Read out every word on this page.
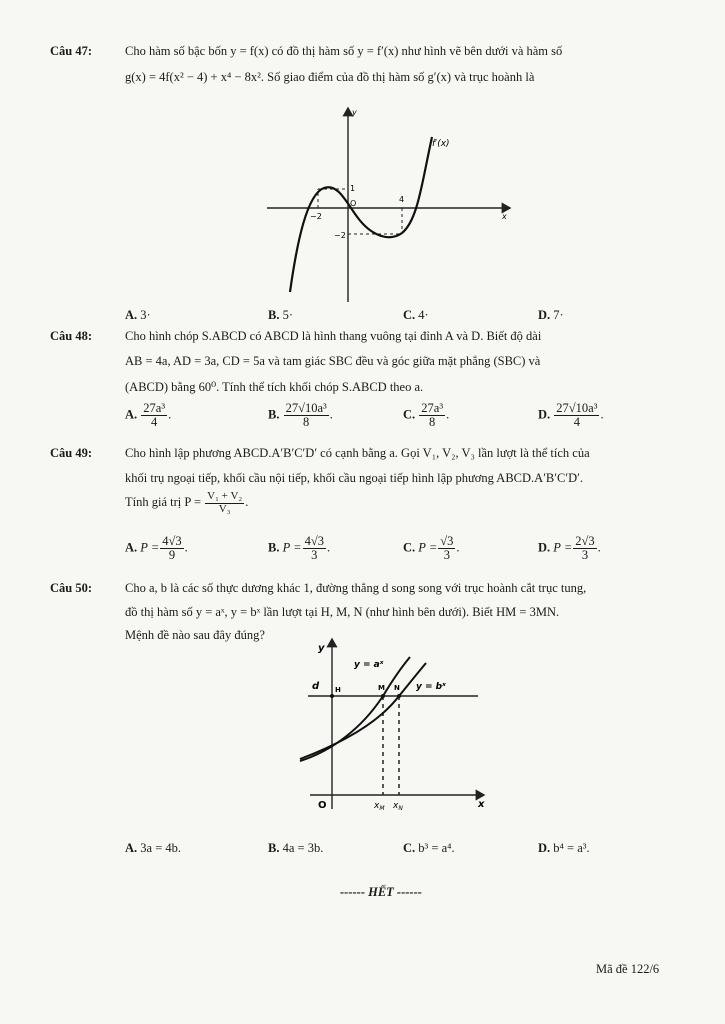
Câu 47:	Cho hàm số bậc bốn y = f(x) có đồ thị hàm số y = f′(x) như hình vẽ bên dưới và hàm số
g(x) = 4f(x² − 4) + x⁴ − 8x². Số giao điểm của đồ thị hàm số g′(x) và trục hoành là
f′(x)
y
x
O
−2
4
1
−2
A. 3·	B. 5·	C. 4·	D. 7·
Câu 48:	Cho hình chóp S.ABCD có ABCD là hình thang vuông tại đỉnh A và D. Biết độ dài
AB = 4a, AD = 3a, CD = 5a và tam giác SBC đều và góc giữa mặt phẳng (SBC) và
(ABCD) bằng 60⁰. Tính thể tích khối chóp S.ABCD theo a.
A. $\frac{\text{27a³}}{4}$ .	B. $\frac{\text{27√10a³}}{8}$ .	C. $\frac{\text{27a³}}{8}$ .	D. $\frac{\text{27√10a³}}{4}$ .
Câu 49:	Cho hình lập phương ABCD.A′B′C′D′ có cạnh bằng a. Gọi V₁, V₂, V₃ lần lượt là thể tích của
khối trụ ngoại tiếp, khối cầu nội tiếp, khối cầu ngoại tiếp hình lập phương ABCD.A′B′C′D′.
Tính giá trị $P = \frac{\text{V₁ + V₂}}{\text{V₃}}$ .
A. $P = \frac{4√3}{9}$ .	B. $P = \frac{4√3}{3}$ .	C. $P = \frac{√3}{3}$ .	D. $P = \frac{2√3}{3}$ .
Câu 50:	Cho a, b là các số thực dương khác 1, đường thẳng d song song với trục hoành cắt trục tung,
đồ thị hàm số y = aˣ, y = bˣ lần lượt tại H, M, N (như hình bên dưới). Biết HM = 3MN.
Mệnh đề nào sau đây đúng?
y
x
O
d
y = aˣ
y = bˣ
H	M N
$x_M$ $x_N$
A. 3a = 4b.	B. 4a = 3b.	C. b³ = a⁴.	D. b⁴ = a³.
------ HẾT ------
Mã đề 122/6
